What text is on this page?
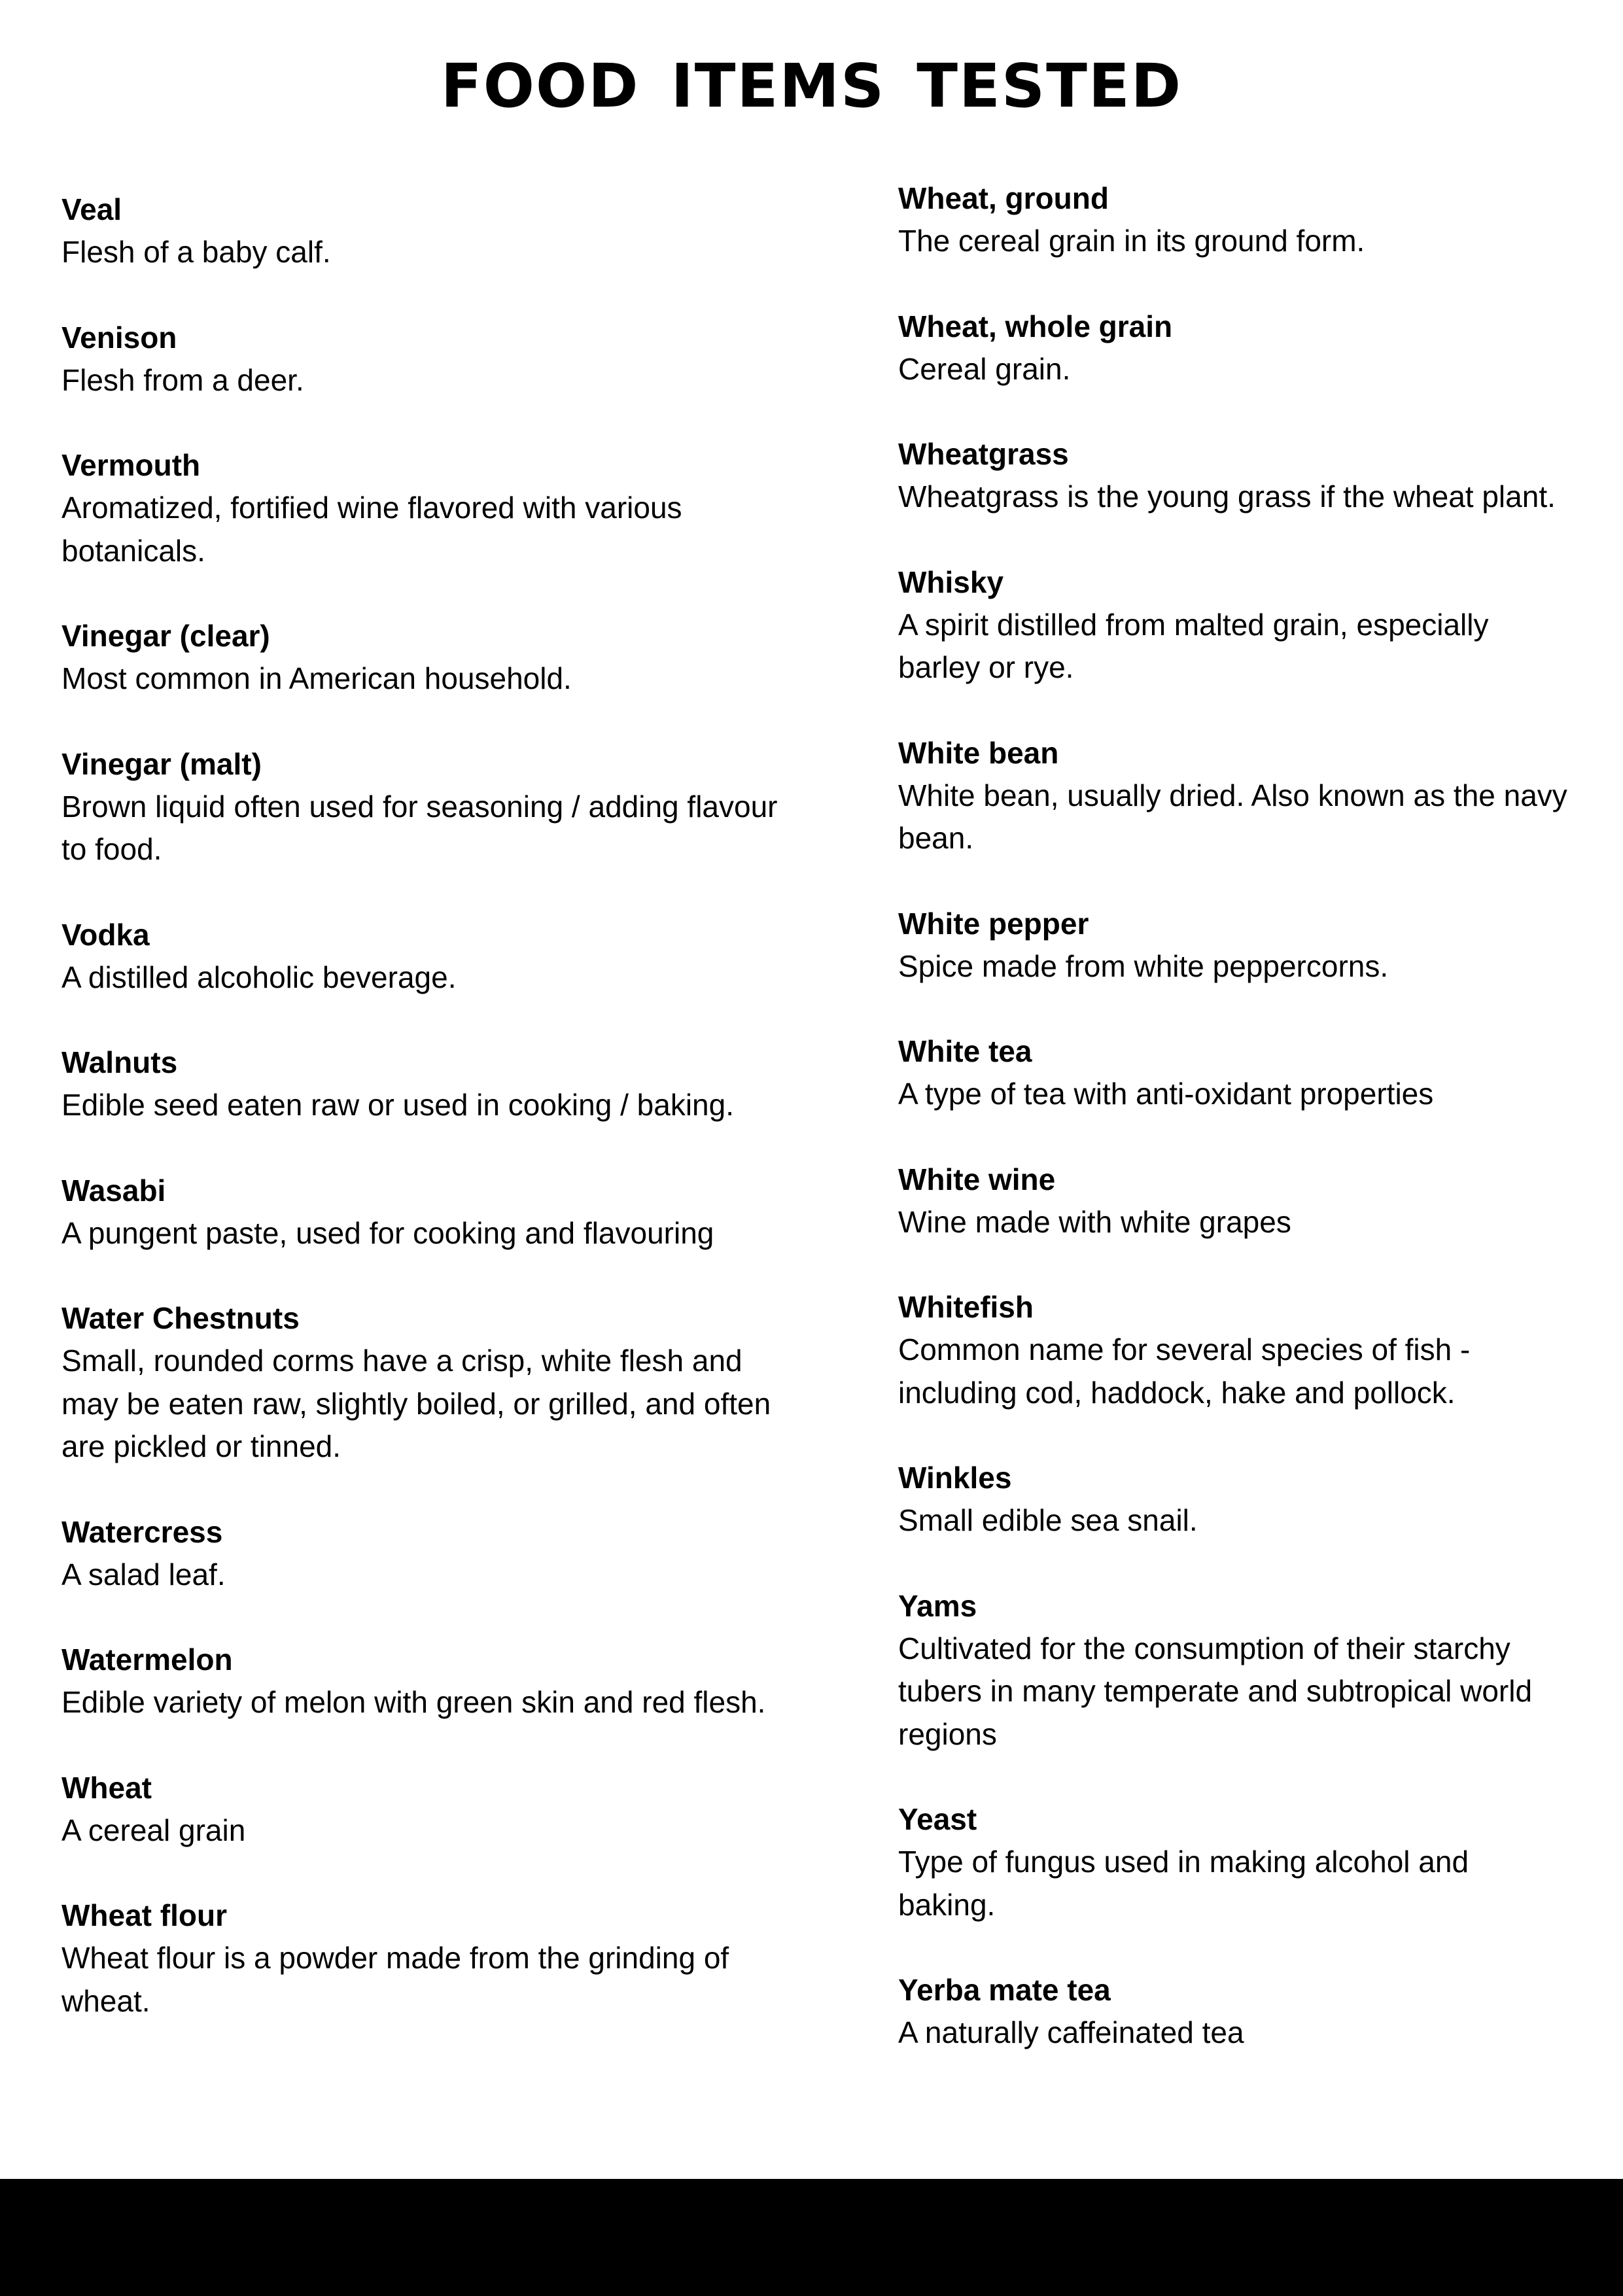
FOOD ITEMS TESTED
Veal
Flesh of a baby calf.
Venison
Flesh from a deer.
Vermouth
Aromatized, fortified wine flavored with various botanicals.
Vinegar (clear)
Most common in American household.
Vinegar (malt)
Brown liquid often used for seasoning / adding flavour to food.
Vodka
A distilled alcoholic beverage.
Walnuts
Edible seed eaten raw or used in cooking / baking.
Wasabi
A pungent paste, used for cooking and flavouring
Water Chestnuts
Small, rounded corms have a crisp, white flesh and may be eaten raw, slightly boiled, or grilled, and often are pickled or tinned.
Watercress
A salad leaf.
Watermelon
Edible variety of melon with green skin and red flesh.
Wheat
A cereal grain
Wheat flour
Wheat flour is a powder made from the grinding of wheat.
Wheat, ground
The cereal grain in its ground form.
Wheat, whole grain
Cereal grain.
Wheatgrass
Wheatgrass is the young grass if the wheat plant.
Whisky
A spirit distilled from malted grain, especially barley or rye.
White bean
White bean, usually dried. Also known as the navy bean.
White pepper
Spice made from white peppercorns.
White tea
A type of tea with anti-oxidant properties
White wine
Wine made with white grapes
Whitefish
Common name for several species of fish - including cod, haddock, hake and pollock.
Winkles
Small edible sea snail.
Yams
Cultivated for the consumption of their starchy tubers in many temperate and subtropical world regions
Yeast
Type of fungus used in making alcohol and baking.
Yerba mate tea
A naturally caffeinated tea
